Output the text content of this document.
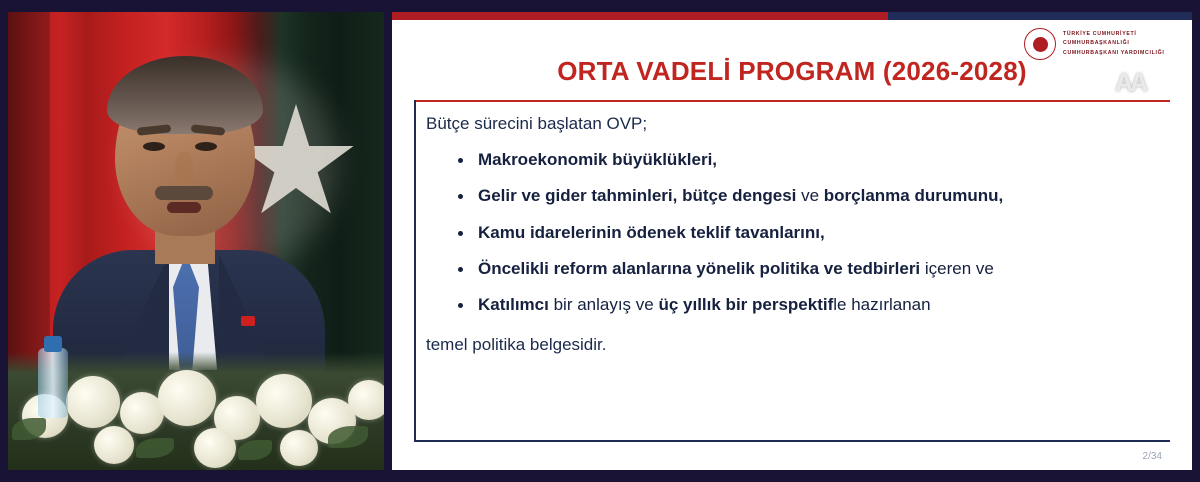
TÜRKİYE CUMHURİYETİ
CUMHURBAŞKANLIĞI
CUMHURBAŞKANI YARDIMCILIĞI
AA
ORTA VADELİ PROGRAM (2026-2028)

Bütçe sürecini başlatan OVP;

Makroekonomik büyüklükleri,
Gelir ve gider tahminleri, bütçe dengesi ve borçlanma durumunu,
Kamu idarelerinin ödenek teklif tavanlarını,
Öncelikli reform alanlarına yönelik politika ve tedbirleri içeren ve
Katılımcı bir anlayış ve üç yıllık bir perspektifle hazırlanan

temel politika belgesidir.

2/34
